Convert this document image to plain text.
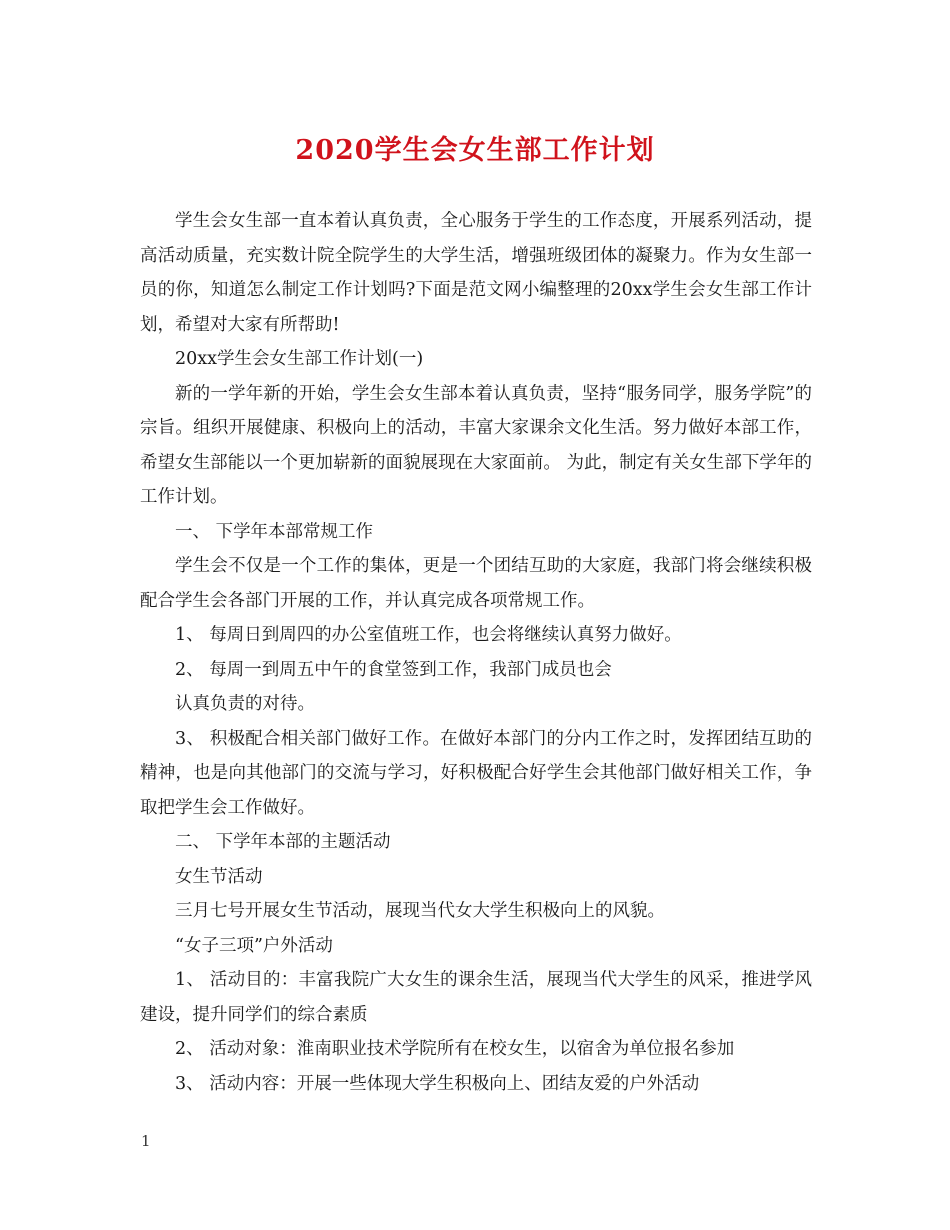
2020学生会女生部工作计划

学生会女生部一直本着认真负责，全心服务于学生的工作态度，开展系列活动，提高活动质量，充实数计院全院学生的大学生活，增强班级团体的凝聚力。作为女生部一员的你，知道怎么制定工作计划吗?下面是范文网小编整理的20xx学生会女生部工作计划，希望对大家有所帮助!

20xx学生会女生部工作计划(一)

新的一学年新的开始，学生会女生部本着认真负责，坚持“服务同学，服务学院”的宗旨。组织开展健康、积极向上的活动，丰富大家课余文化生活。努力做好本部工作，希望女生部能以一个更加崭新的面貌展现在大家面前。 为此，制定有关女生部下学年的工作计划。

一、 下学年本部常规工作

学生会不仅是一个工作的集体，更是一个团结互助的大家庭，我部门将会继续积极配合学生会各部门开展的工作，并认真完成各项常规工作。

1、 每周日到周四的办公室值班工作，也会将继续认真努力做好。

2、 每周一到周五中午的食堂签到工作，我部门成员也会

认真负责的对待。

3、 积极配合相关部门做好工作。在做好本部门的分内工作之时，发挥团结互助的精神，也是向其他部门的交流与学习，好积极配合好学生会其他部门做好相关工作，争取把学生会工作做好。

二、 下学年本部的主题活动

女生节活动

三月七号开展女生节活动，展现当代女大学生积极向上的风貌。

“女子三项”户外活动

1、 活动目的：丰富我院广大女生的课余生活，展现当代大学生的风采，推进学风建设，提升同学们的综合素质

2、 活动对象：淮南职业技术学院所有在校女生，以宿舍为单位报名参加

3、 活动内容：开展一些体现大学生积极向上、团结友爱的户外活动

1
